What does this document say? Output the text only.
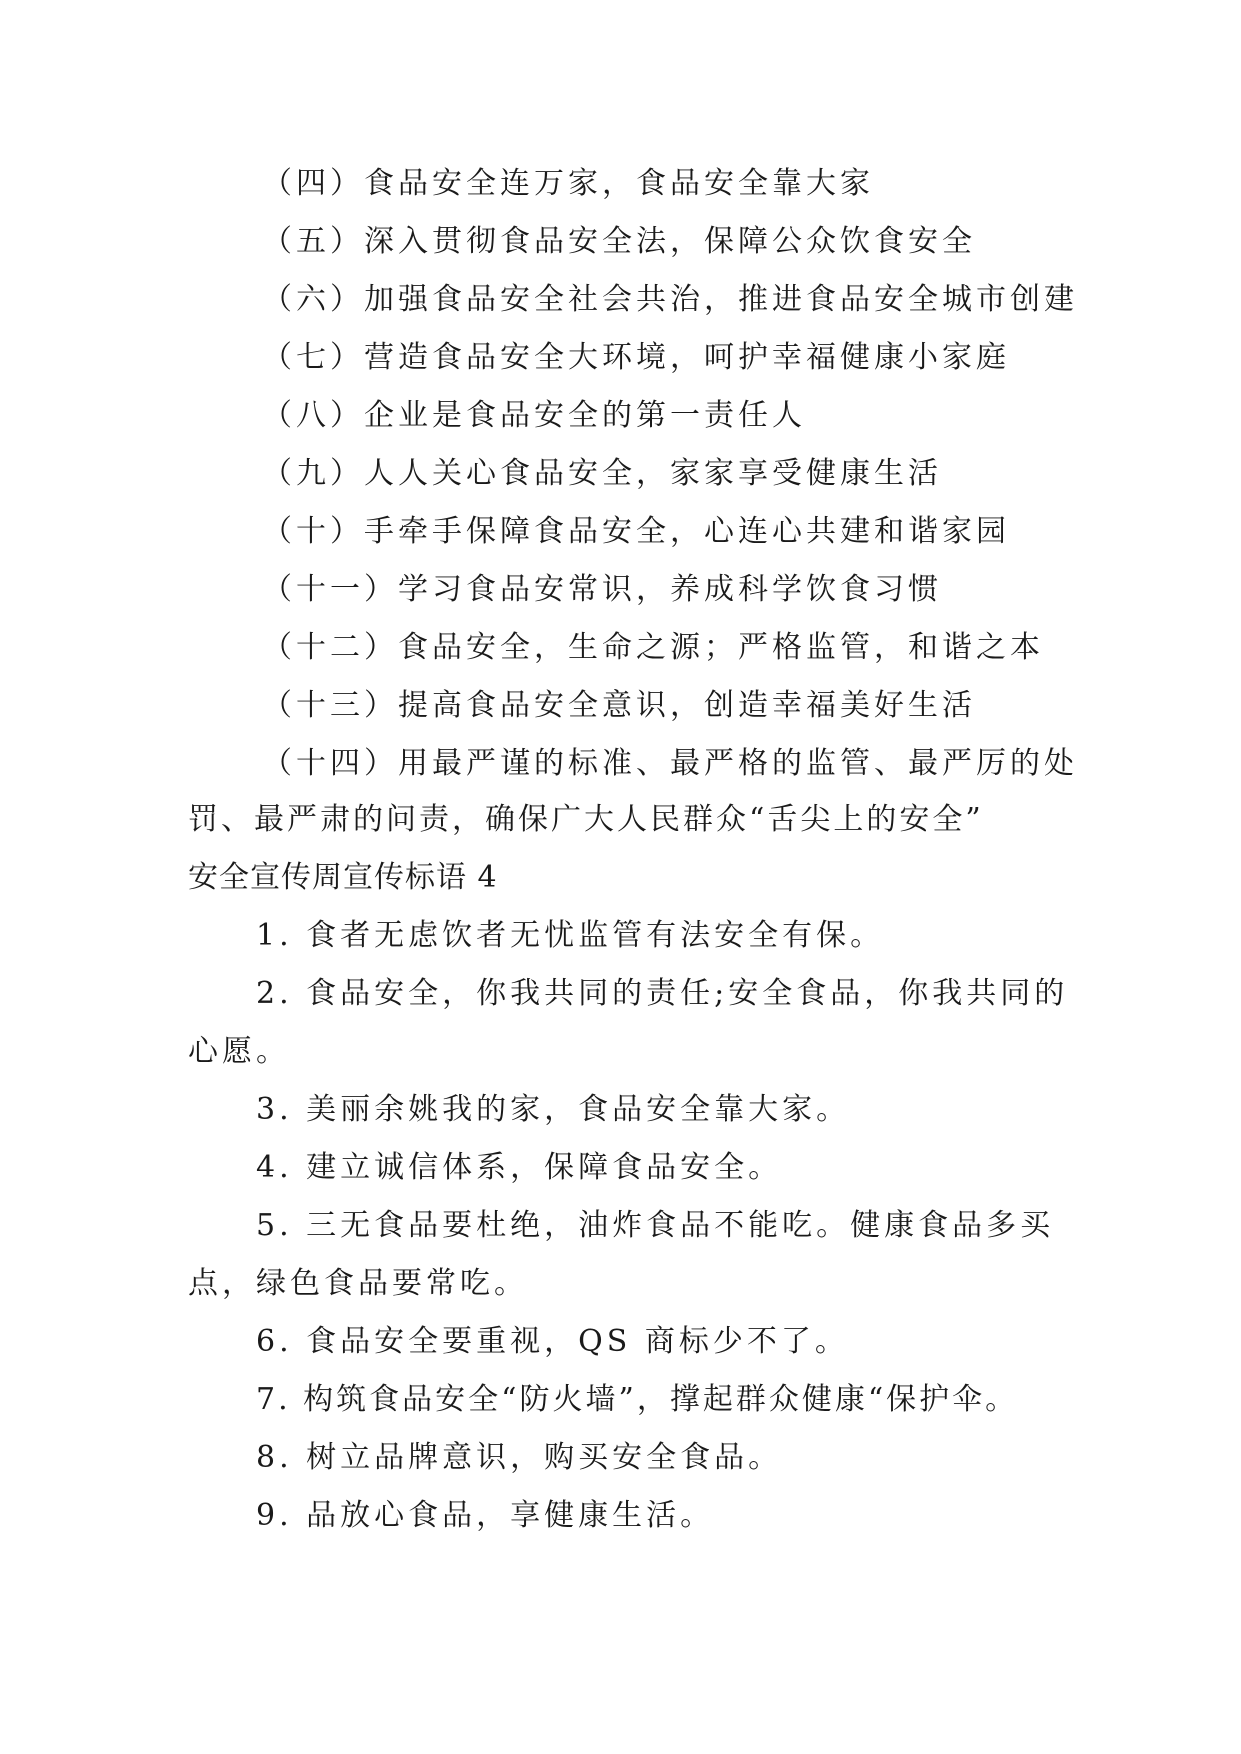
（四）食品安全连万家，食品安全靠大家
（五）深入贯彻食品安全法，保障公众饮食安全
（六）加强食品安全社会共治，推进食品安全城市创建
（七）营造食品安全大环境，呵护幸福健康小家庭
（八）企业是食品安全的第一责任人
（九）人人关心食品安全，家家享受健康生活
（十）手牵手保障食品安全，心连心共建和谐家园
（十一）学习食品安常识，养成科学饮食习惯
（十二）食品安全，生命之源；严格监管，和谐之本
（十三）提高食品安全意识，创造幸福美好生活
（十四）用最严谨的标准、最严格的监管、最严厉的处
罚、最严肃的问责，确保广大人民群众“舌尖上的安全”
安全宣传周宣传标语 4
1. 食者无虑饮者无忧监管有法安全有保。
2. 食品安全，你我共同的责任;安全食品，你我共同的
心愿。
3. 美丽余姚我的家，食品安全靠大家。
4. 建立诚信体系，保障食品安全。
5. 三无食品要杜绝，油炸食品不能吃。健康食品多买
点，绿色食品要常吃。
6. 食品安全要重视，QS 商标少不了。
7. 构筑食品安全“防火墙”，撑起群众健康“保护伞。
8. 树立品牌意识，购买安全食品。
9. 品放心食品，享健康生活。
